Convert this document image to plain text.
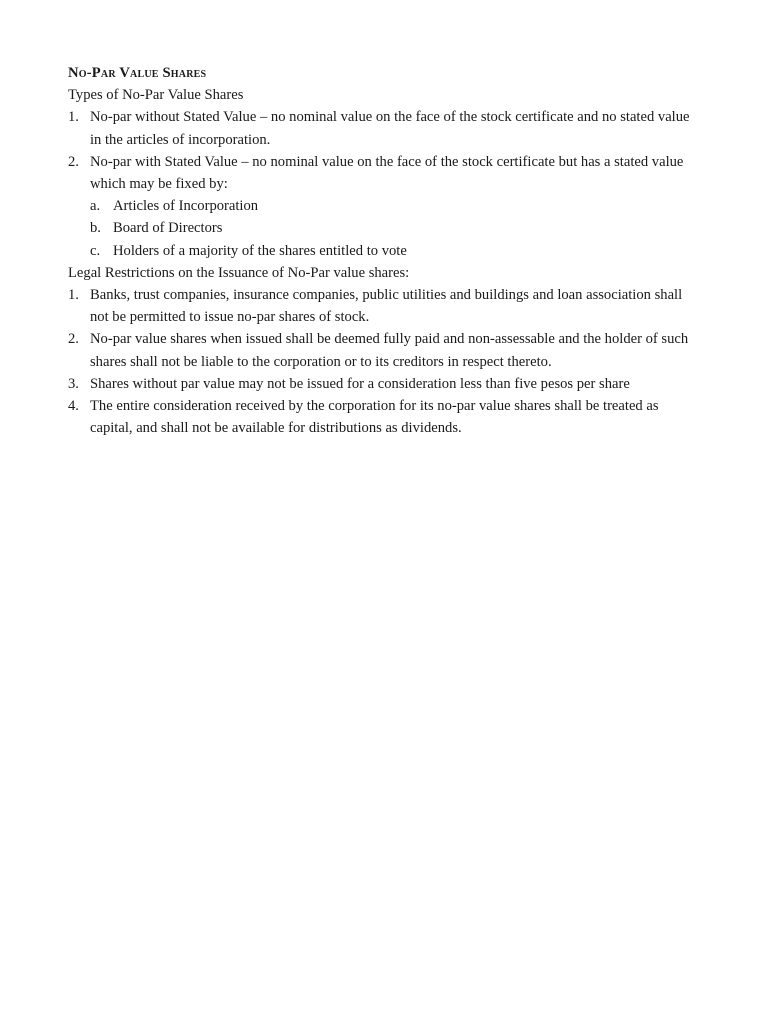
No-Par Value Shares

Types of No-Par Value Shares

1. No-par without Stated Value – no nominal value on the face of the stock certificate and no stated value in the articles of incorporation.
2. No-par with Stated Value – no nominal value on the face of the stock certificate but has a stated value which may be fixed by:
a. Articles of Incorporation
b. Board of Directors
c. Holders of a majority of the shares entitled to vote

Legal Restrictions on the Issuance of No-Par value shares:

1. Banks, trust companies, insurance companies, public utilities and buildings and loan association shall not be permitted to issue no-par shares of stock.
2. No-par value shares when issued shall be deemed fully paid and non-assessable and the holder of such shares shall not be liable to the corporation or to its creditors in respect thereto.
3. Shares without par value may not be issued for a consideration less than five pesos per share
4. The entire consideration received by the corporation for its no-par value shares shall be treated as capital, and shall not be available for distributions as dividends.
